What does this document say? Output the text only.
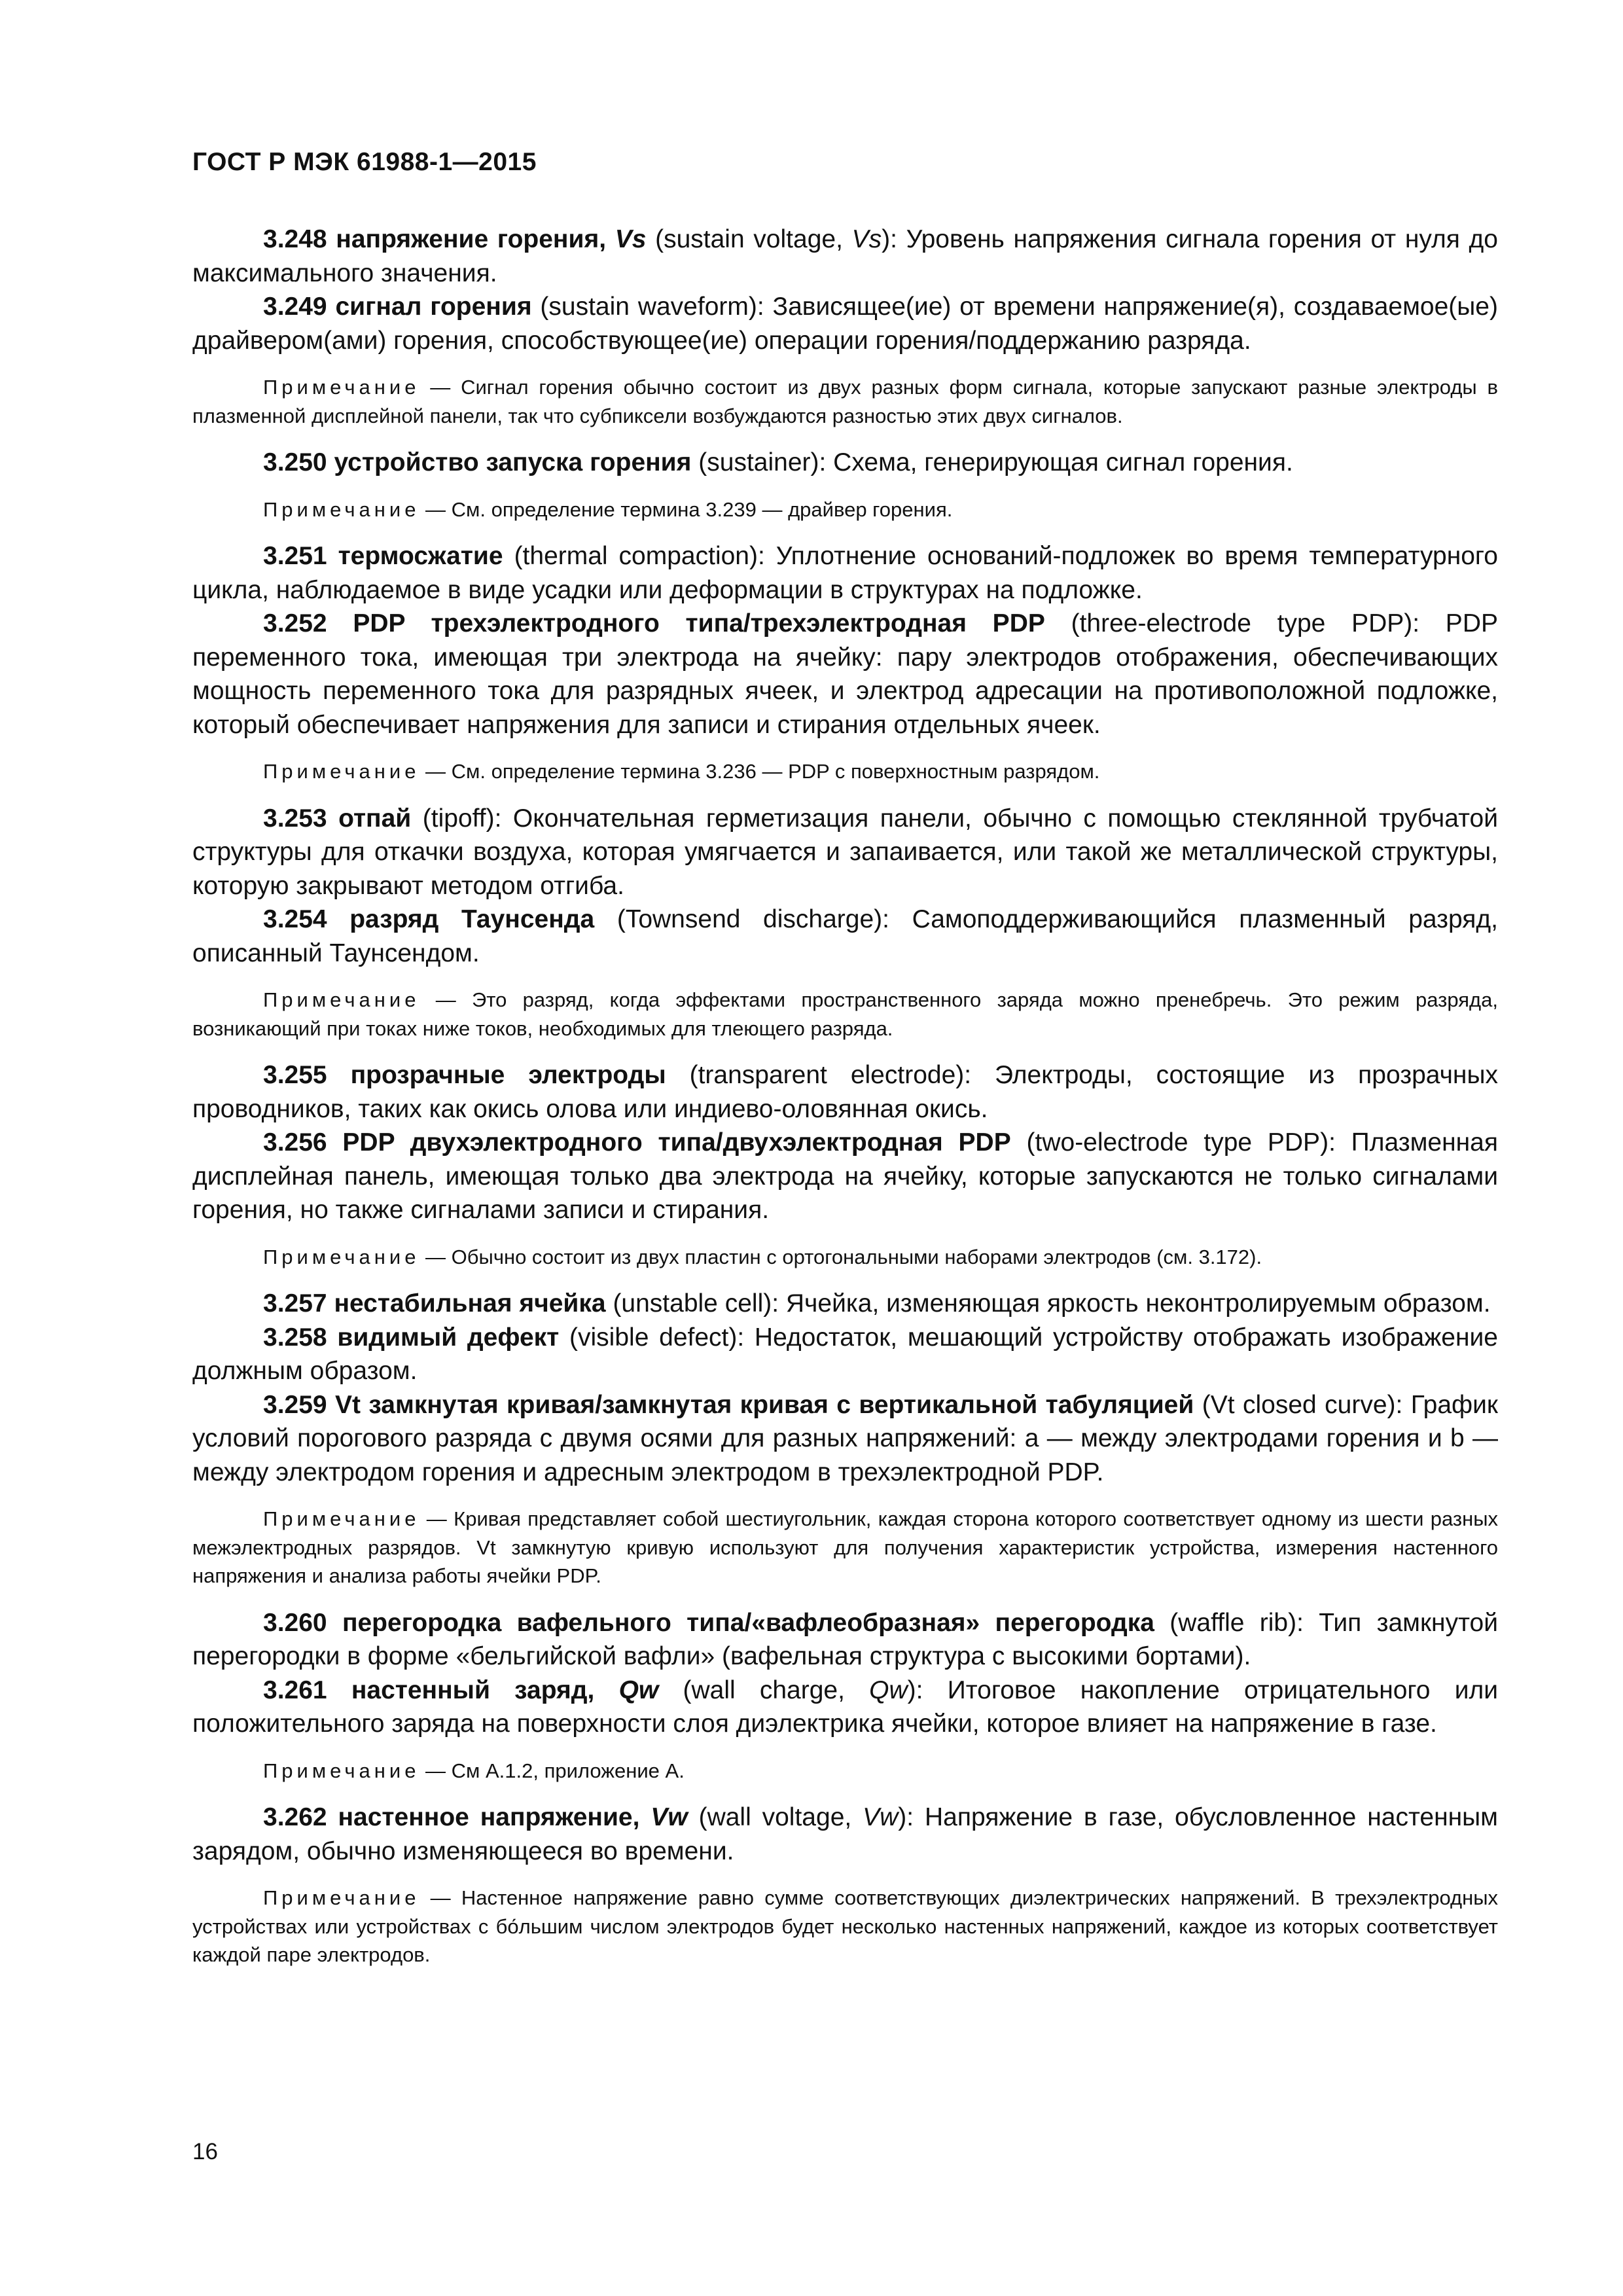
ГОСТ Р МЭК 61988-1—2015

3.248 напряжение горения, Vs (sustain voltage, Vs): Уровень напряжения сигнала горения от нуля до максимального значения.

3.249 сигнал горения (sustain waveform): Зависящее(ие) от времени напряжение(я), создаваемое(ые) драйвером(ами) горения, способствующее(ие) операции горения/поддержанию разряда.

Примечание — Сигнал горения обычно состоит из двух разных форм сигнала, которые запускают разные электроды в плазменной дисплейной панели, так что субпиксели возбуждаются разностью этих двух сигналов.

3.250 устройство запуска горения (sustainer): Схема, генерирующая сигнал горения.

Примечание — См. определение термина 3.239 — драйвер горения.

3.251 термосжатие (thermal compaction): Уплотнение оснований-подложек во время температурного цикла, наблюдаемое в виде усадки или деформации в структурах на подложке.

3.252 PDP трехэлектродного типа/трехэлектродная PDP (three-electrode type PDP): PDP переменного тока, имеющая три электрода на ячейку: пару электродов отображения, обеспечивающих мощность переменного тока для разрядных ячеек, и электрод адресации на противоположной подложке, который обеспечивает напряжения для записи и стирания отдельных ячеек.

Примечание — См. определение термина 3.236 — PDP с поверхностным разрядом.

3.253 отпай (tipoff): Окончательная герметизация панели, обычно с помощью стеклянной трубчатой структуры для откачки воздуха, которая умягчается и запаивается, или такой же металлической структуры, которую закрывают методом отгиба.

3.254 разряд Таунсенда (Townsend discharge): Самоподдерживающийся плазменный разряд, описанный Таунсендом.

Примечание — Это разряд, когда эффектами пространственного заряда можно пренебречь. Это режим разряда, возникающий при токах ниже токов, необходимых для тлеющего разряда.

3.255 прозрачные электроды (transparent electrode): Электроды, состоящие из прозрачных проводников, таких как окись олова или индиево-оловянная окись.

3.256 PDP двухэлектродного типа/двухэлектродная PDP (two-electrode type PDP): Плазменная дисплейная панель, имеющая только два электрода на ячейку, которые запускаются не только сигналами горения, но также сигналами записи и стирания.

Примечание — Обычно состоит из двух пластин с ортогональными наборами электродов (см. 3.172).

3.257 нестабильная ячейка (unstable cell): Ячейка, изменяющая яркость неконтролируемым образом.

3.258 видимый дефект (visible defect): Недостаток, мешающий устройству отображать изображение должным образом.

3.259 Vt замкнутая кривая/замкнутая кривая с вертикальной табуляцией (Vt closed curve): График условий порогового разряда с двумя осями для разных напряжений: a — между электродами горения и b — между электродом горения и адресным электродом в трехэлектродной PDP.

Примечание — Кривая представляет собой шестиугольник, каждая сторона которого соответствует одному из шести разных межэлектродных разрядов. Vt замкнутую кривую используют для получения характеристик устройства, измерения настенного напряжения и анализа работы ячейки PDP.

3.260 перегородка вафельного типа/«вафлеобразная» перегородка (waffle rib): Тип замкнутой перегородки в форме «бельгийской вафли» (вафельная структура с высокими бортами).

3.261 настенный заряд, Qw (wall charge, Qw): Итоговое накопление отрицательного или положительного заряда на поверхности слоя диэлектрика ячейки, которое влияет на напряжение в газе.

Примечание — См А.1.2, приложение А.

3.262 настенное напряжение, Vw (wall voltage, Vw): Напряжение в газе, обусловленное настенным зарядом, обычно изменяющееся во времени.

Примечание — Настенное напряжение равно сумме соответствующих диэлектрических напряжений. В трехэлектродных устройствах или устройствах с бо́льшим числом электродов будет несколько настенных напряжений, каждое из которых соответствует каждой паре электродов.

16
